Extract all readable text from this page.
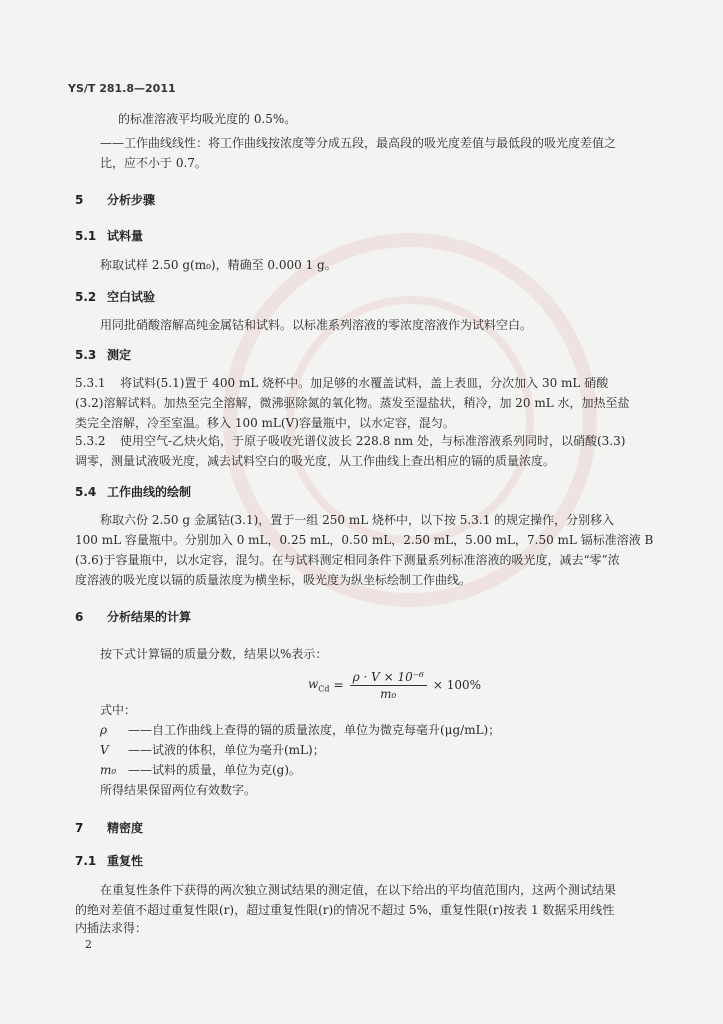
YS/T 281.8—2011
的标准溶液平均吸光度的 0.5%。
——工作曲线线性：将工作曲线按浓度等分成五段，最高段的吸光度差值与最低段的吸光度差值之
比，应不小于 0.7。
5 分析步骤
5.1 试料量
称取试样 2.50 g(m₀)，精确至 0.000 1 g。
5.2 空白试验
用同批硝酸溶解高纯金属钴和试料。以标准系列溶液的零浓度溶液作为试料空白。
5.3 测定
5.3.1 将试料(5.1)置于 400 mL 烧杯中。加足够的水覆盖试料，盖上表皿，分次加入 30 mL 硝酸
(3.2)溶解试料。加热至完全溶解，微沸驱除氮的氧化物。蒸发至湿盐状，稍冷，加 20 mL 水，加热至盐
类完全溶解，冷至室温。移入 100 mL(V)容量瓶中，以水定容，混匀。
5.3.2 使用空气-乙炔火焰，于原子吸收光谱仪波长 228.8 nm 处，与标准溶液系列同时，以硝酸(3.3)
调零，测量试液吸光度，减去试料空白的吸光度，从工作曲线上查出相应的镉的质量浓度。
5.4 工作曲线的绘制
称取六份 2.50 g 金属钴(3.1)，置于一组 250 mL 烧杯中，以下按 5.3.1 的规定操作，分别移入
100 mL 容量瓶中。分别加入 0 mL，0.25 mL，0.50 mL，2.50 mL，5.00 mL，7.50 mL 镉标准溶液 B
(3.6)于容量瓶中，以水定容，混匀。在与试料测定相同条件下测量系列标准溶液的吸光度，减去“零”浓
度溶液的吸光度以镉的质量浓度为横坐标，吸光度为纵坐标绘制工作曲线。
6 分析结果的计算
按下式计算镉的质量分数，结果以%表示：
$w_{Cd} = \frac{\text{ρ · V × 10⁻⁶}}{\text{m₀}} \times 100\%$
式中：
ρ ——自工作曲线上查得的镉的质量浓度，单位为微克每毫升(μg/mL)；
V ——试液的体积，单位为毫升(mL)；
m₀ ——试料的质量，单位为克(g)。
所得结果保留两位有效数字。
7 精密度
7.1 重复性
在重复性条件下获得的两次独立测试结果的测定值，在以下给出的平均值范围内，这两个测试结果
的绝对差值不超过重复性限(r)，超过重复性限(r)的情况不超过 5%，重复性限(r)按表 1 数据采用线性
内插法求得：
2
